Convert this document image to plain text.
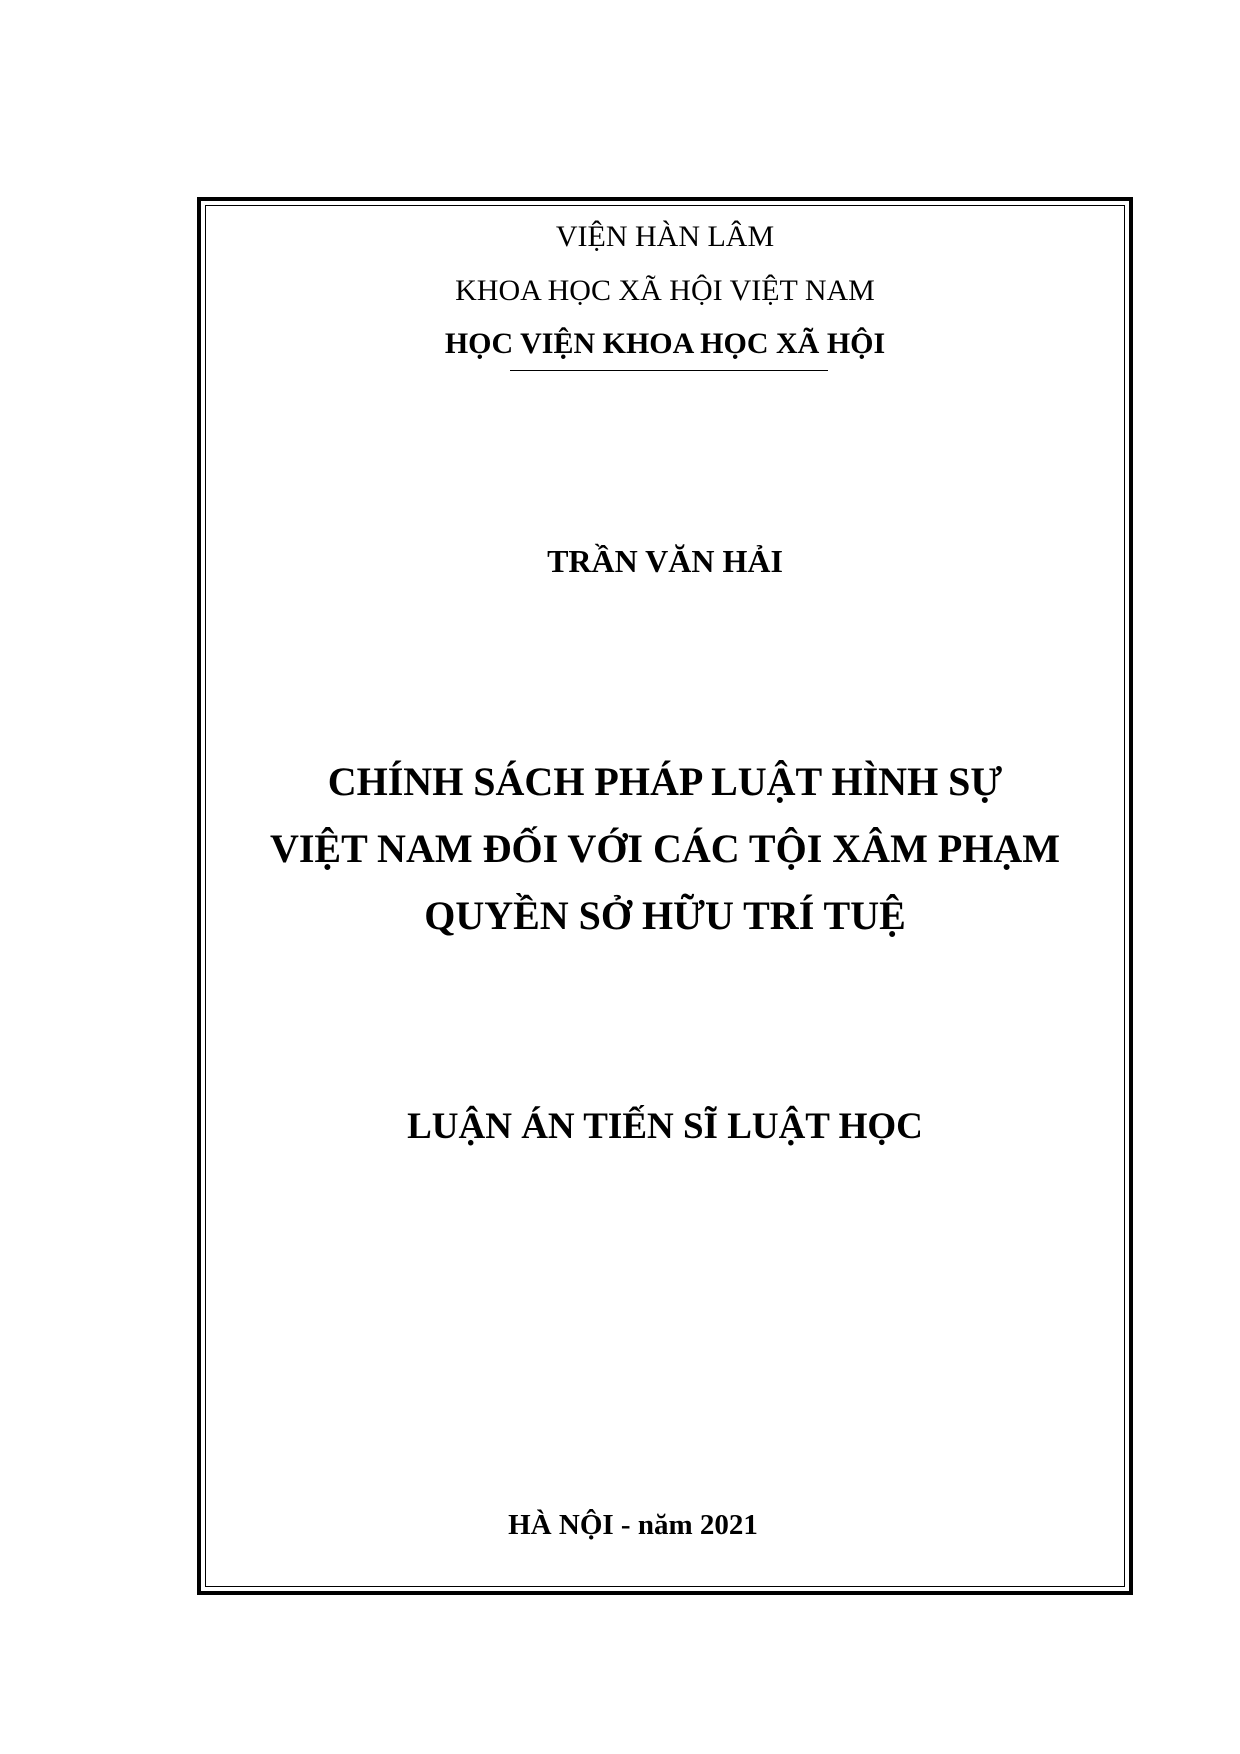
VIỆN HÀN LÂM
KHOA HỌC XÃ HỘI VIỆT NAM
HỌC VIỆN KHOA HỌC XÃ HỘI
TRẦN VĂN HẢI
CHÍNH SÁCH PHÁP LUẬT HÌNH SỰ
VIỆT NAM ĐỐI VỚI CÁC TỘI XÂM PHẠM
QUYỀN SỞ HỮU TRÍ TUỆ
LUẬN ÁN TIẾN SĨ LUẬT HỌC
HÀ NỘI - năm 2021
